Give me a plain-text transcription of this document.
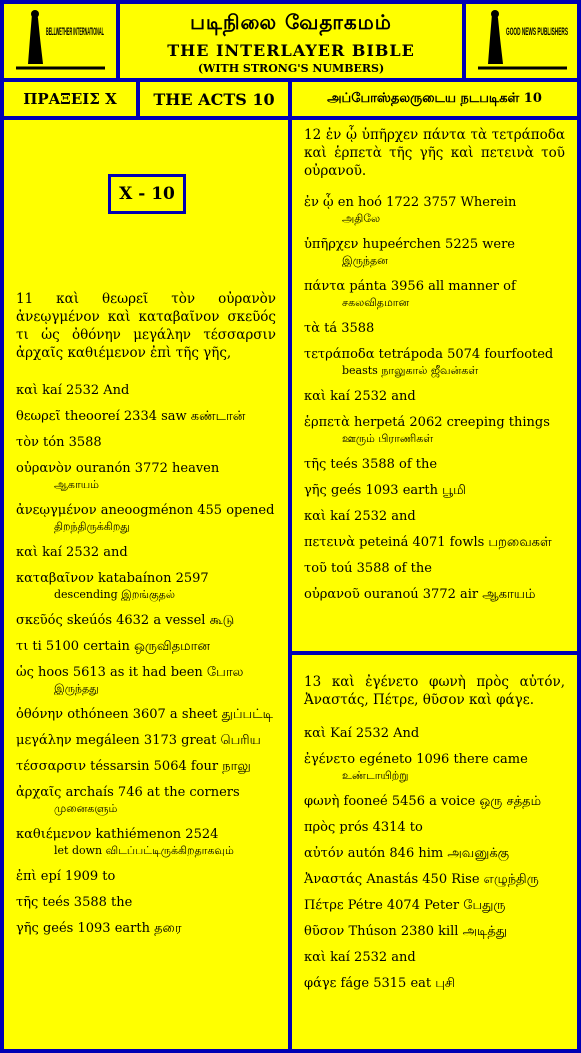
BELLWETHER INTERNATIONAL	படிநிலை வேதாகமம்
THE INTERLAYER BIBLE
(WITH STRONG'S NUMBERS)
GOOD NEWS PUBLISHERS
ΠΡΑΞΕΙΣ X	THE ACTS 10	அப்போஸ்தலருடைய நடபடிகள் 10
X - 10

11 καὶ θεωρεῖ τὸν οὐρανὸν ἀνεῳγμένον καὶ καταβαῖνον σκεῦός τι ὡς ὀθόνην μεγάλην τέσσαρσιν ἀρχαῖς καθιέμενον ἐπὶ τῆς γῆς,

καὶ kaí 2532 And
θεωρεῖ theooreí 2334 saw கண்டான்
τὸν tón 3588
οὐρανὸν ouranón 3772 heaven
ஆகாயம்
ἀνεῳγμένον aneoogménon 455 opened
திறந்திருக்கிறது
καὶ kaí 2532 and
καταβαῖνον katabaínon 2597
descending இறங்குதல்
σκεῦός skeúós 4632 a vessel கூடு
τι ti 5100 certain ஒருவிதமான
ὡς hoos 5613 as it had been போல
இருந்தது
ὀθόνην othóneen 3607 a sheet துப்பட்டி
μεγάλην megáleen 3173 great பெரிய
τέσσαρσιν téssarsin 5064 four நாலு
ἀρχαῖς archaís 746 at the corners
முனைகளும்
καθιέμενον kathiémenon 2524
let down விடப்பட்டிருக்கிறதாகவும்
ἐπὶ epí 1909 to
τῆς teés 3588 the
γῆς geés 1093 earth தரை

12 ἐν ᾧ ὑπῆρχεν πάντα τὰ τετράποδα καὶ ἑρπετὰ τῆς γῆς καὶ πετεινὰ τοῦ οὐρανοῦ.

ἐν ᾧ en hoó 1722 3757 Wherein
அதிலே
ὑπῆρχεν hupeérchen 5225 were
இருந்தன
πάντα pánta 3956 all manner of
சகலவிதமான
τὰ tá 3588
τετράποδα tetrápoda 5074 fourfooted
beasts நாலுகால் ஜீவன்கள்
καὶ kaí 2532 and
ἑρπετὰ herpetá 2062 creeping things
ஊரும் பிராணிகள்
τῆς teés 3588 of the
γῆς geés 1093 earth பூமி
καὶ kaí 2532 and
πετεινὰ peteiná 4071 fowls பறவைகள்
τοῦ toú 3588 of the
οὐρανοῦ ouranoú 3772 air ஆகாயம்

13 καὶ ἐγένετο φωνὴ πρὸς αὐτόν, Ἀναστάς, Πέτρε, θῦσον καὶ φάγε.

καὶ Kaí 2532 And
ἐγένετο egéneto 1096 there came
உண்டாயிற்று
φωνὴ fooneé 5456 a voice ஒரு சத்தம்
πρὸς prós 4314 to
αὐτόν autón 846 him அவனுக்கு
Ἀναστάς Anastás 450 Rise எழுந்திரு
Πέτρε Pétre 4074 Peter பேதுரு
θῦσον Thúson 2380 kill அடித்து
καὶ kaí 2532 and
φάγε fáge 5315 eat புசி
